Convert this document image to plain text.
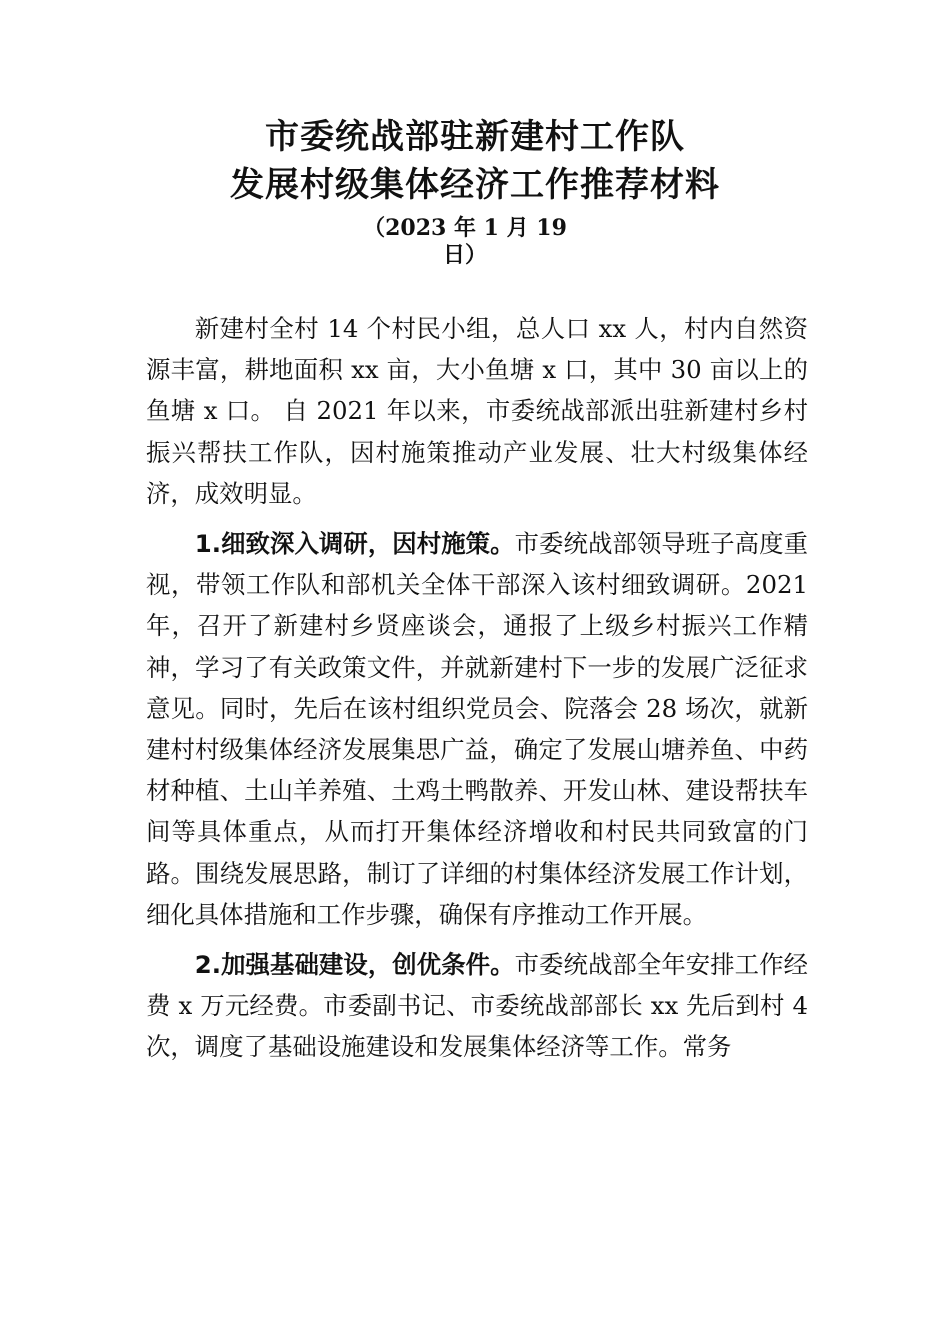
市委统战部驻新建村工作队
发展村级集体经济工作推荐材料
（2023 年 1 月 19
日）

新建村全村 14 个村民小组，总人口 xx 人，村内自然资源丰富，耕地面积 xx 亩，大小鱼塘 x 口，其中 30 亩以上的鱼塘 x 口。 自 2021 年以来，市委统战部派出驻新建村乡村振兴帮扶工作队，因村施策推动产业发展、壮大村级集体经济，成效明显。

1.细致深入调研，因村施策。市委统战部领导班子高度重视，带领工作队和部机关全体干部深入该村细致调研。2021 年，召开了新建村乡贤座谈会，通报了上级乡村振兴工作精神，学习了有关政策文件，并就新建村下一步的发展广泛征求意见。同时，先后在该村组织党员会、院落会 28 场次，就新建村村级集体经济发展集思广益，确定了发展山塘养鱼、中药材种植、土山羊养殖、土鸡土鸭散养、开发山林、建设帮扶车间等具体重点，从而打开集体经济增收和村民共同致富的门路。围绕发展思路，制订了详细的村集体经济发展工作计划，细化具体措施和工作步骤，确保有序推动工作开展。

2.加强基础建设，创优条件。市委统战部全年安排工作经费 x 万元经费。市委副书记、市委统战部部长 xx 先后到村 4 次，调度了基础设施建设和发展集体经济等工作。常务
